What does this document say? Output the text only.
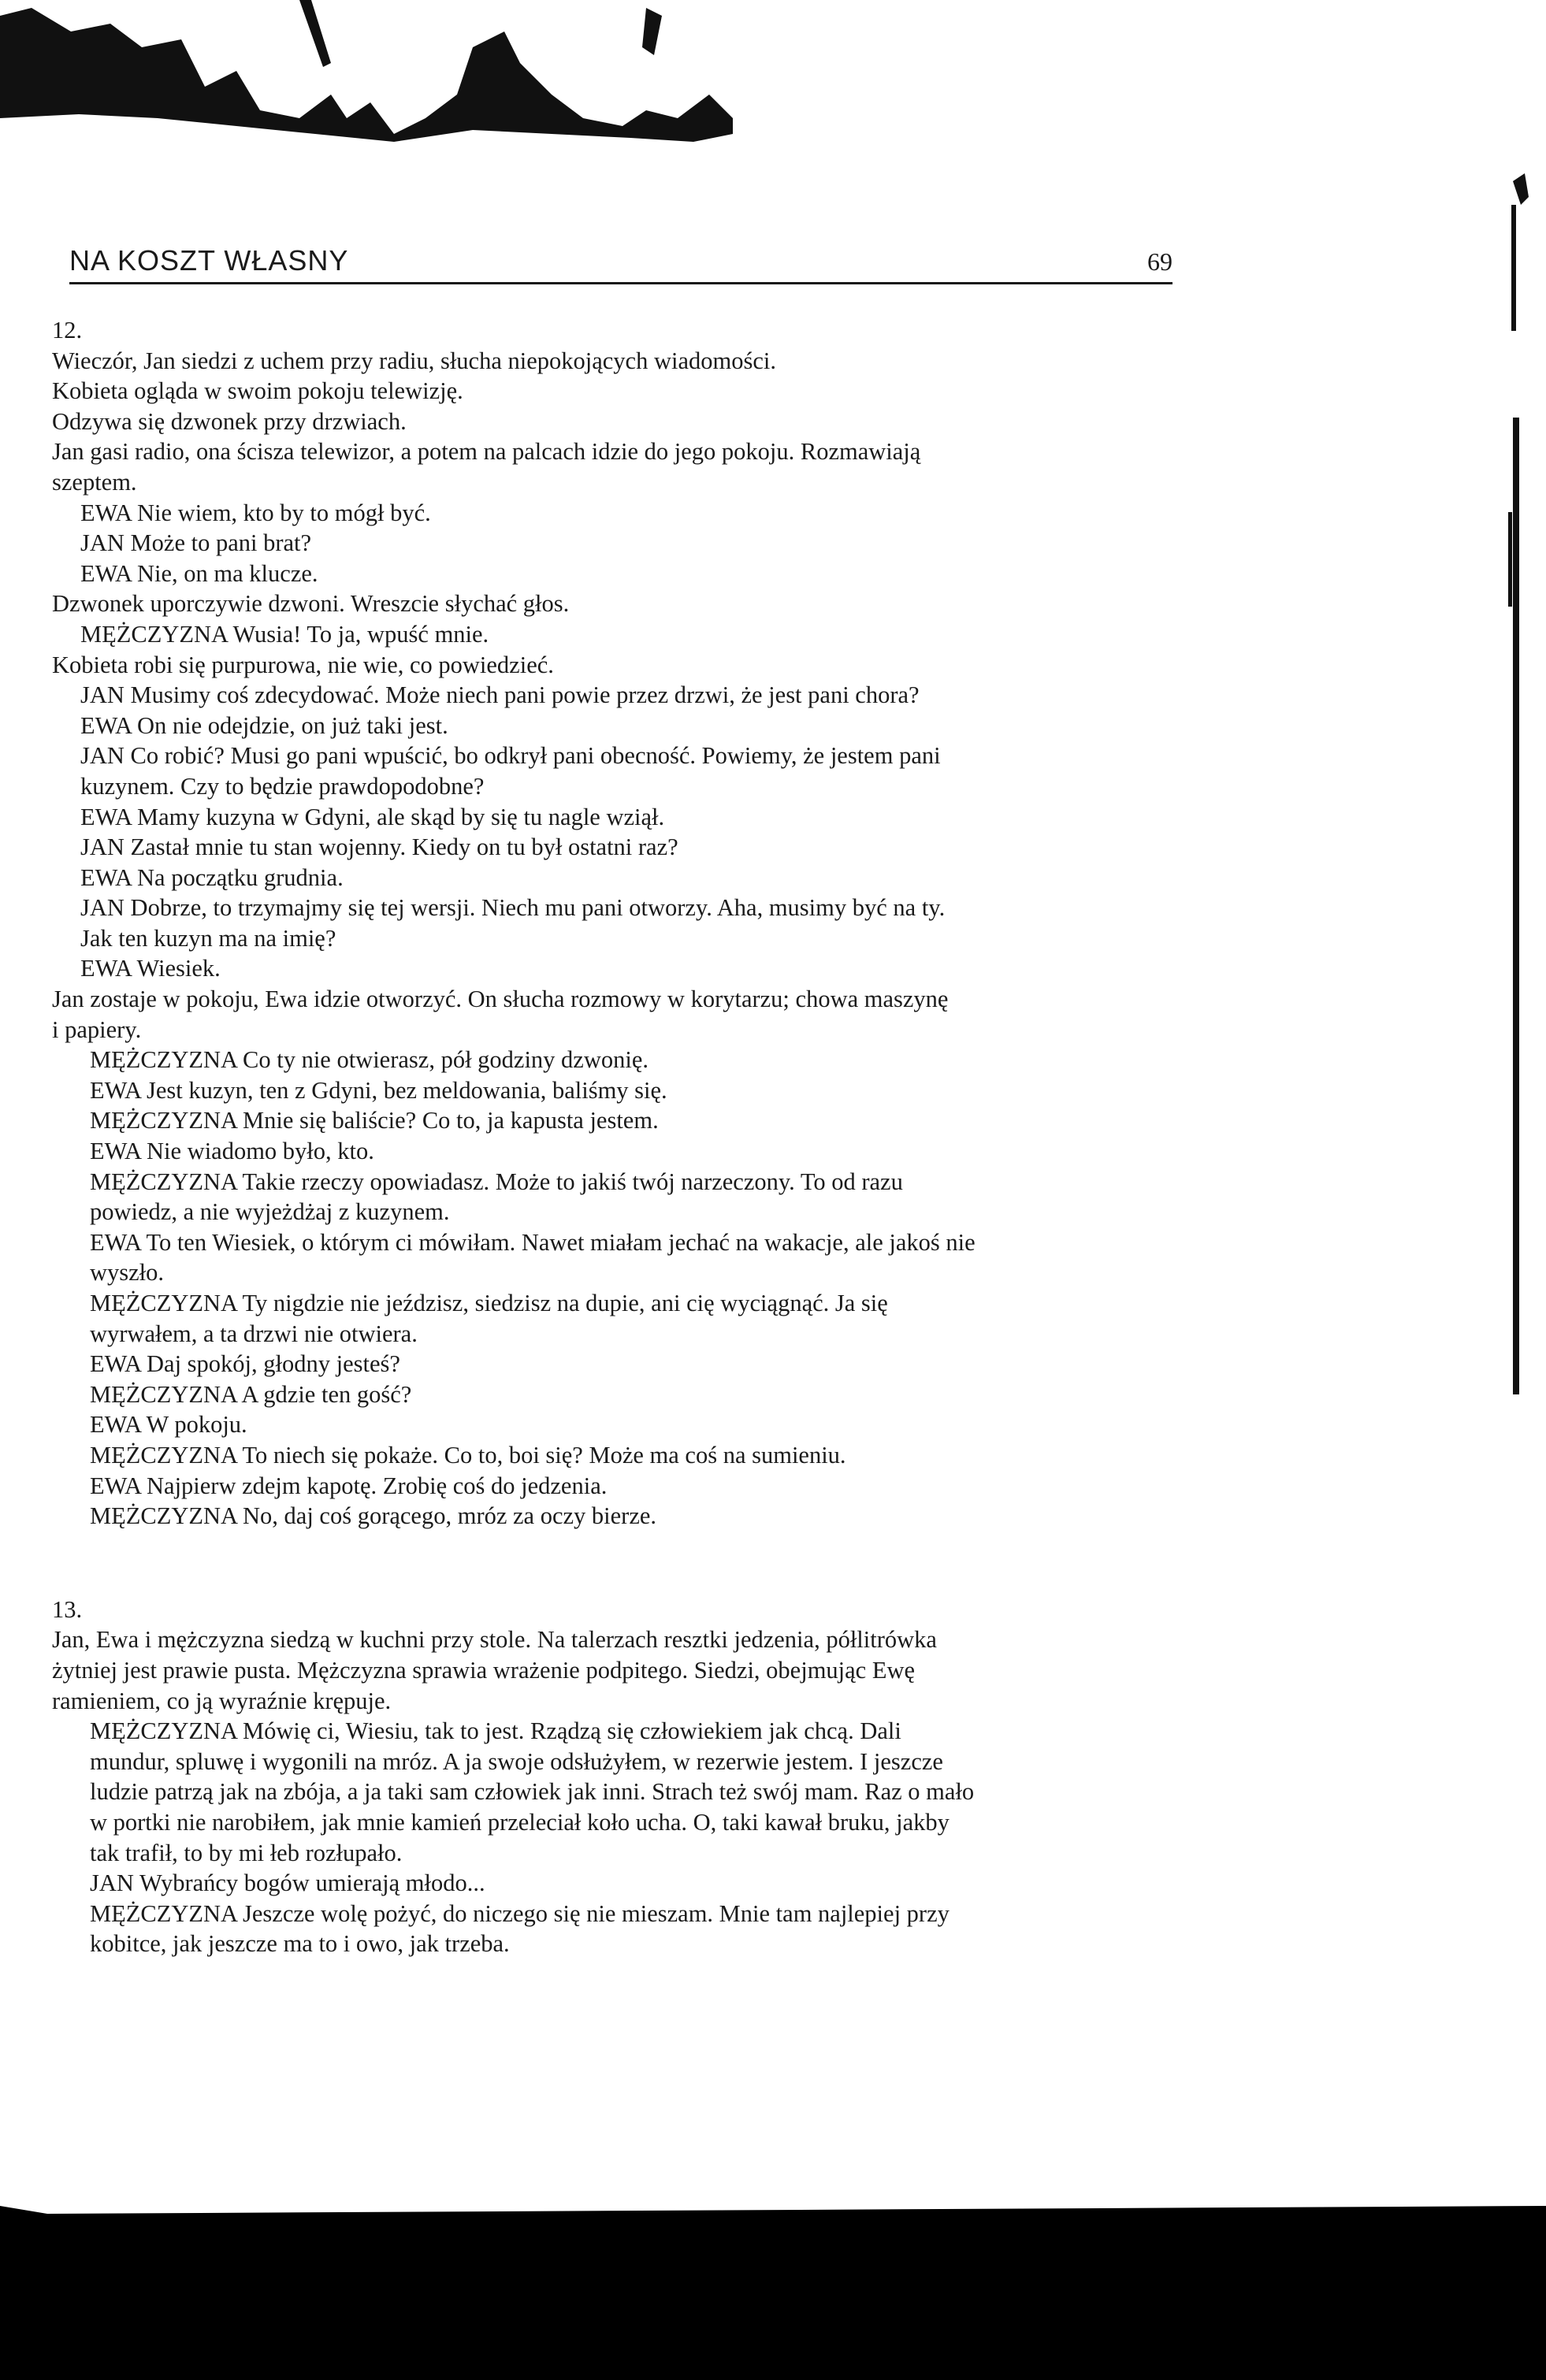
NA KOSZT WŁASNY	69
12.
Wieczór, Jan siedzi z uchem przy radiu, słucha niepokojących wiadomości.
Kobieta ogląda w swoim pokoju telewizję.
Odzywa się dzwonek przy drzwiach.
Jan gasi radio, ona ścisza telewizor, a potem na palcach idzie do jego pokoju. Rozmawiają
szeptem.
EWA Nie wiem, kto by to mógł być.
JAN Może to pani brat?
EWA Nie, on ma klucze.
Dzwonek uporczywie dzwoni. Wreszcie słychać głos.
MĘŻCZYZNA Wusia! To ja, wpuść mnie.
Kobieta robi się purpurowa, nie wie, co powiedzieć.
JAN Musimy coś zdecydować. Może niech pani powie przez drzwi, że jest pani chora?
EWA On nie odejdzie, on już taki jest.
JAN Co robić? Musi go pani wpuścić, bo odkrył pani obecność. Powiemy, że jestem pani
kuzynem. Czy to będzie prawdopodobne?
EWA Mamy kuzyna w Gdyni, ale skąd by się tu nagle wziął.
JAN Zastał mnie tu stan wojenny. Kiedy on tu był ostatni raz?
EWA Na początku grudnia.
JAN Dobrze, to trzymajmy się tej wersji. Niech mu pani otworzy. Aha, musimy być na ty.
Jak ten kuzyn ma na imię?
EWA Wiesiek.
Jan zostaje w pokoju, Ewa idzie otworzyć. On słucha rozmowy w korytarzu; chowa maszynę
i papiery.
MĘŻCZYZNA Co ty nie otwierasz, pół godziny dzwonię.
EWA Jest kuzyn, ten z Gdyni, bez meldowania, baliśmy się.
MĘŻCZYZNA Mnie się baliście? Co to, ja kapusta jestem.
EWA Nie wiadomo było, kto.
MĘŻCZYZNA Takie rzeczy opowiadasz. Może to jakiś twój narzeczony. To od razu
powiedz, a nie wyjeżdżaj z kuzynem.
EWA To ten Wiesiek, o którym ci mówiłam. Nawet miałam jechać na wakacje, ale jakoś nie
wyszło.
MĘŻCZYZNA Ty nigdzie nie jeździsz, siedzisz na dupie, ani cię wyciągnąć. Ja się
wyrwałem, a ta drzwi nie otwiera.
EWA Daj spokój, głodny jesteś?
MĘŻCZYZNA A gdzie ten gość?
EWA W pokoju.
MĘŻCZYZNA To niech się pokaże. Co to, boi się? Może ma coś na sumieniu.
EWA Najpierw zdejm kapotę. Zrobię coś do jedzenia.
MĘŻCZYZNA No, daj coś gorącego, mróz za oczy bierze.
13.
Jan, Ewa i mężczyzna siedzą w kuchni przy stole. Na talerzach resztki jedzenia, półlitrówka
żytniej jest prawie pusta. Mężczyzna sprawia wrażenie podpitego. Siedzi, obejmując Ewę
ramieniem, co ją wyraźnie krępuje.
MĘŻCZYZNA Mówię ci, Wiesiu, tak to jest. Rządzą się człowiekiem jak chcą. Dali
mundur, spluwę i wygonili na mróz. A ja swoje odsłużyłem, w rezerwie jestem. I jeszcze
ludzie patrzą jak na zbója, a ja taki sam człowiek jak inni. Strach też swój mam. Raz o mało
w portki nie narobiłem, jak mnie kamień przeleciał koło ucha. O, taki kawał bruku, jakby
tak trafił, to by mi łeb rozłupało.
JAN Wybrańcy bogów umierają młodo...
MĘŻCZYZNA Jeszcze wolę pożyć, do niczego się nie mieszam. Mnie tam najlepiej przy
kobitce, jak jeszcze ma to i owo, jak trzeba.
